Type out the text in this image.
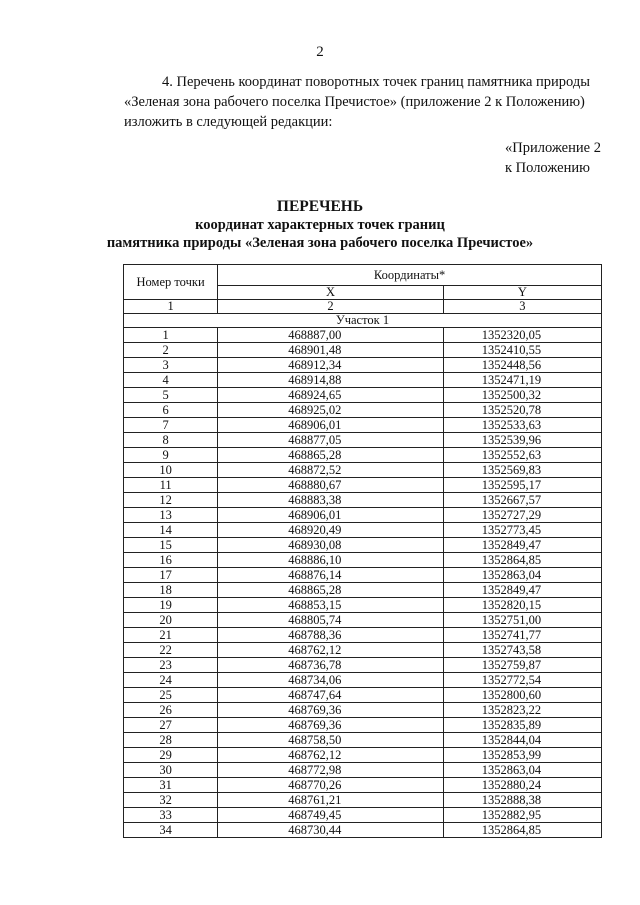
2
4. Перечень координат поворотных точек границ памятника природы
«Зеленая зона рабочего поселка Пречистое» (приложение 2 к Положению)
изложить в следующей редакции:
«Приложение 2
к Положению
ПЕРЕЧЕНЬ
координат характерных точек границ
памятника природы «Зеленая зона рабочего поселка Пречистое»
Номер точки	Координаты*	
	X	Y
1	2	3
Участок 1		
1	468887,00	1352320,05
2	468901,48	1352410,55
3	468912,34	1352448,56
4	468914,88	1352471,19
5	468924,65	1352500,32
6	468925,02	1352520,78
7	468906,01	1352533,63
8	468877,05	1352539,96
9	468865,28	1352552,63
10	468872,52	1352569,83
11	468880,67	1352595,17
12	468883,38	1352667,57
13	468906,01	1352727,29
14	468920,49	1352773,45
15	468930,08	1352849,47
16	468886,10	1352864,85
17	468876,14	1352863,04
18	468865,28	1352849,47
19	468853,15	1352820,15
20	468805,74	1352751,00
21	468788,36	1352741,77
22	468762,12	1352743,58
23	468736,78	1352759,87
24	468734,06	1352772,54
25	468747,64	1352800,60
26	468769,36	1352823,22
27	468769,36	1352835,89
28	468758,50	1352844,04
29	468762,12	1352853,99
30	468772,98	1352863,04
31	468770,26	1352880,24
32	468761,21	1352888,38
33	468749,45	1352882,95
34	468730,44	1352864,85
